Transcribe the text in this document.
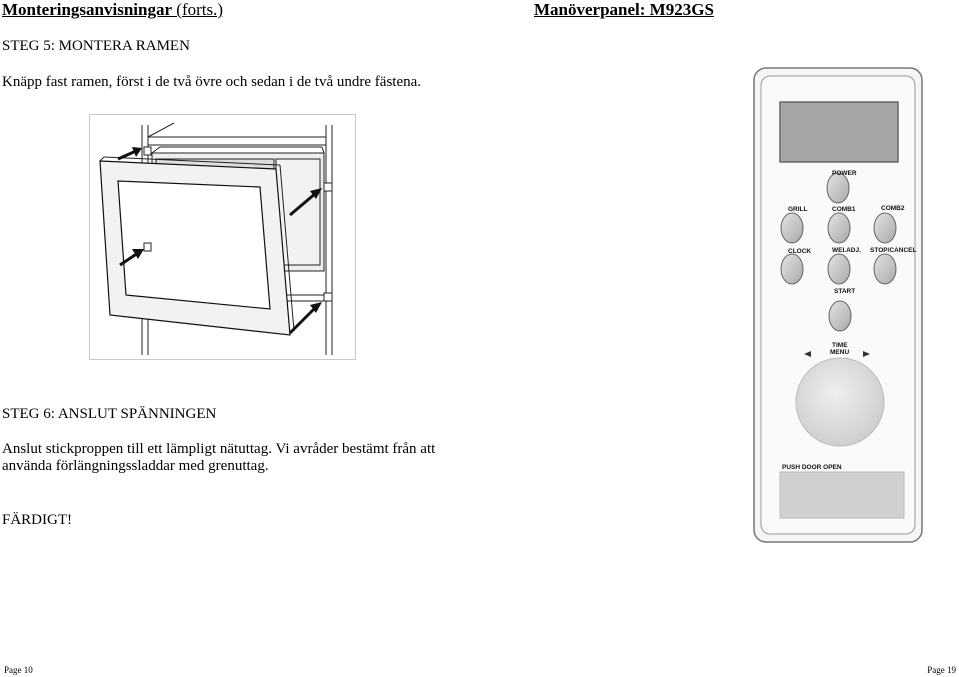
Monteringsanvisningar (forts.)	Manöverpanel: M923GS
STEG 5: MONTERA RAMEN
Knäpp fast ramen, först i de två övre och sedan i de två undre fästena.
STEG 6: ANSLUT SPÄNNINGEN
Anslut stickproppen till ett lämpligt nätuttag. Vi avråder bestämt från att
använda förlängningssladdar med grenuttag.
FÄRDIGT!
POWER
GRILL	COMB1	COMB2
CLOCK	WEI.ADJ. STOP/CANCEL
START
TIME
MENU
PUSH DOOR OPEN
Page 10	Page 19
